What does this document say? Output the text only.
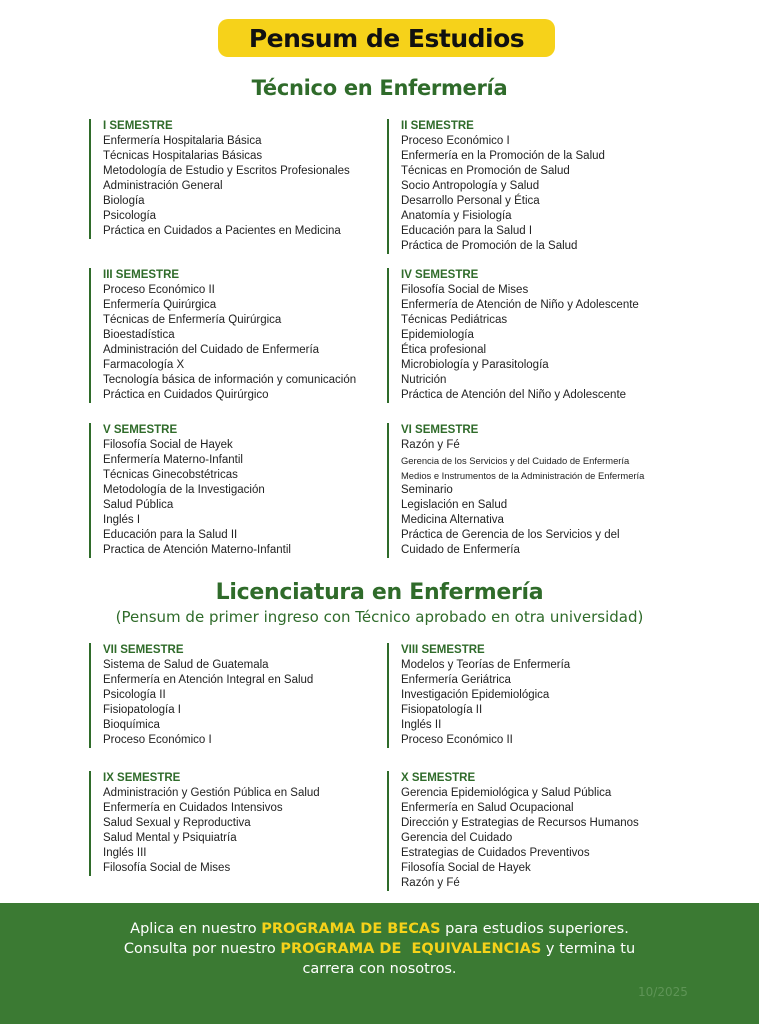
Pensum de Estudios
Técnico en Enfermería
I SEMESTRE
Enfermería Hospitalaria Básica
Técnicas Hospitalarias Básicas
Metodología de Estudio y Escritos Profesionales
Administración General
Biología
Psicología
Práctica en Cuidados a Pacientes en Medicina
II SEMESTRE
Proceso Económico I
Enfermería en la Promoción de la Salud
Técnicas en Promoción de Salud
Socio Antropología y Salud
Desarrollo Personal y Ética
Anatomía y Fisiología
Educación para la Salud I
Práctica de Promoción de la Salud
III SEMESTRE
Proceso Económico II
Enfermería Quirúrgica
Técnicas de Enfermería Quirúrgica
Bioestadística
Administración del Cuidado de Enfermería
Farmacología X
Tecnología básica de información y comunicación
Práctica en Cuidados Quirúrgico
IV SEMESTRE
Filosofía Social de Mises
Enfermería de Atención de Niño y Adolescente
Técnicas Pediátricas
Epidemiología
Ética profesional
Microbiología y Parasitología
Nutrición
Práctica de Atención del Niño y Adolescente
V SEMESTRE
Filosofía Social de Hayek
Enfermería Materno-Infantil
Técnicas Ginecobstétricas
Metodología de la Investigación
Salud Pública
Inglés I
Educación para la Salud II
Practica de Atención Materno-Infantil
VI SEMESTRE
Razón y Fé
Gerencia de los Servicios y del Cuidado de Enfermería
Medios e Instrumentos de la Administración de Enfermería
Seminario
Legislación en Salud
Medicina Alternativa
Práctica de Gerencia de los Servicios y del
Cuidado de Enfermería
Licenciatura en Enfermería
(Pensum de primer ingreso con Técnico aprobado en otra universidad)
VII SEMESTRE
Sistema de Salud de Guatemala
Enfermería en Atención Integral en Salud
Psicología II
Fisiopatología I
Bioquímica
Proceso Económico I
VIII SEMESTRE
Modelos y Teorías de Enfermería
Enfermería Geriátrica
Investigación Epidemiológica
Fisiopatología II
Inglés II
Proceso Económico II
IX SEMESTRE
Administración y Gestión Pública en Salud
Enfermería en Cuidados Intensivos
Salud Sexual y Reproductiva
Salud Mental y Psiquiatría
Inglés III
Filosofía Social de Mises
X SEMESTRE
Gerencia Epidemiológica y Salud Pública
Enfermería en Salud Ocupacional
Dirección y Estrategias de Recursos Humanos
Gerencia del Cuidado
Estrategias de Cuidados Preventivos
Filosofía Social de Hayek
Razón y Fé
Aplica en nuestro PROGRAMA DE BECAS para estudios superiores.
Consulta por nuestro PROGRAMA DE  EQUIVALENCIAS y termina tu
carrera con nosotros.
10/2025
